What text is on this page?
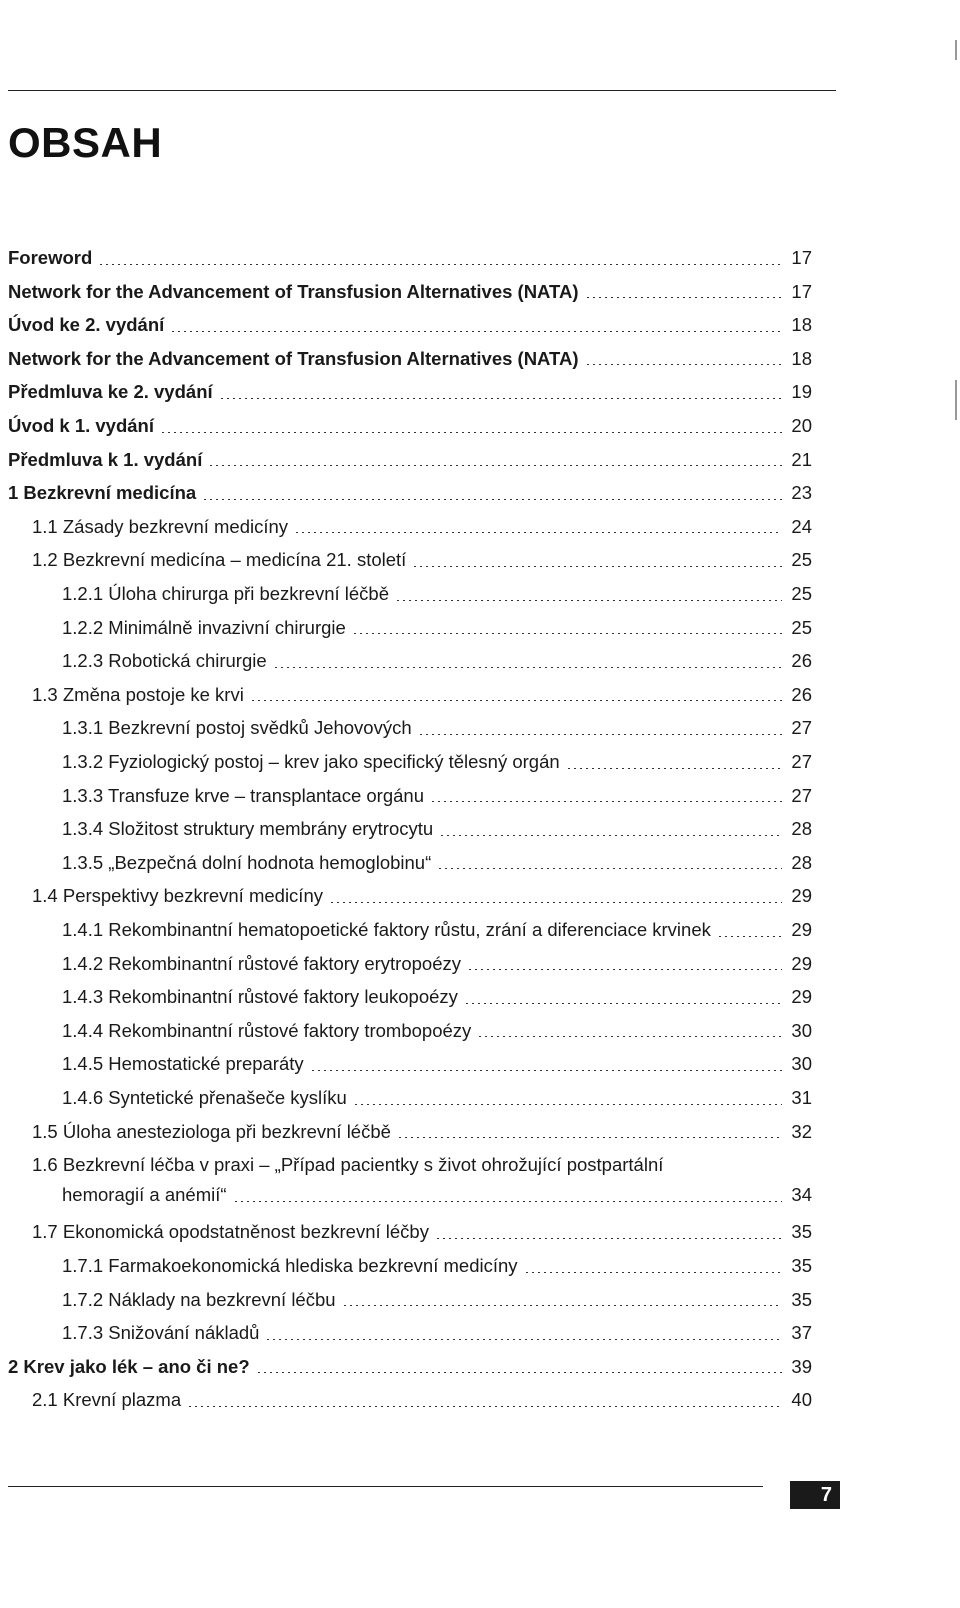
OBSAH
Foreword	17
Network for the Advancement of Transfusion Alternatives (NATA)	17
Úvod ke 2. vydání	18
Network for the Advancement of Transfusion Alternatives (NATA)	18
Předmluva ke 2. vydání	19
Úvod k 1. vydání	20
Předmluva k 1. vydání	21
1 Bezkrevní medicína	23
1.1 Zásady bezkrevní medicíny	24
1.2 Bezkrevní medicína – medicína 21. století	25
1.2.1 Úloha chirurga při bezkrevní léčbě	25
1.2.2 Minimálně invazivní chirurgie	25
1.2.3 Robotická chirurgie	26
1.3 Změna postoje ke krvi	26
1.3.1 Bezkrevní postoj svědků Jehovových	27
1.3.2 Fyziologický postoj – krev jako specifický tělesný orgán	27
1.3.3 Transfuze krve – transplantace orgánu	27
1.3.4 Složitost struktury membrány erytrocytu	28
1.3.5 „Bezpečná dolní hodnota hemoglobinu“	28
1.4 Perspektivy bezkrevní medicíny	29
1.4.1 Rekombinantní hematopoetické faktory růstu, zrání a diferenciace krvinek	29
1.4.2 Rekombinantní růstové faktory erytropoézy	29
1.4.3 Rekombinantní růstové faktory leukopoézy	29
1.4.4 Rekombinantní růstové faktory trombopoézy	30
1.4.5 Hemostatické preparáty	30
1.4.6 Syntetické přenašeče kyslíku	31
1.5 Úloha anesteziologa při bezkrevní léčbě	32
1.6 Bezkrevní léčba v praxi – „Případ pacientky s život ohrožující postpartální
hemoragií a anémií“	34
1.7 Ekonomická opodstatněnost bezkrevní léčby	35
1.7.1 Farmakoekonomická hlediska bezkrevní medicíny	35
1.7.2 Náklady na bezkrevní léčbu	35
1.7.3 Snižování nákladů	37
2 Krev jako lék – ano či ne?	39
2.1 Krevní plazma	40
7
